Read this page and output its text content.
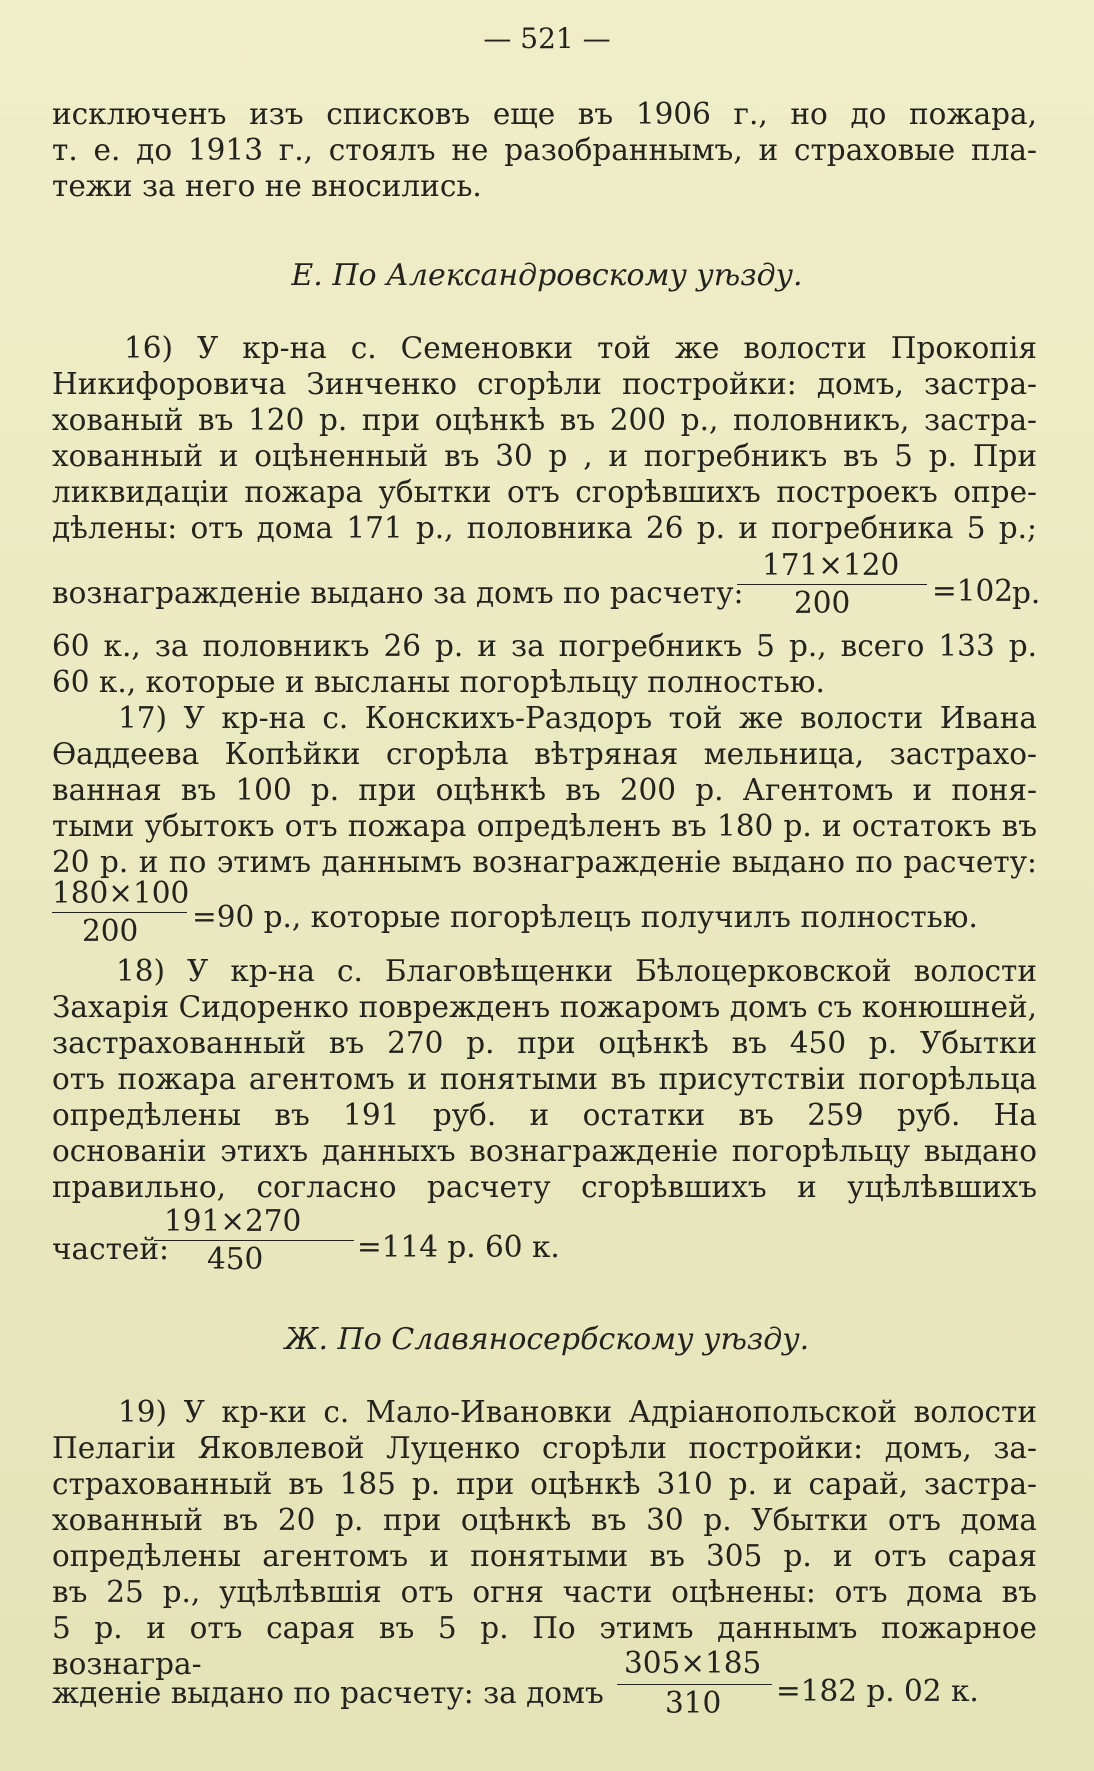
— 521 —
исключенъ изъ списковъ еще въ 1906 г., но до пожара,
т. е. до 1913 г., стоялъ не разобраннымъ, и страховые пла-
тежи за него не вносились.
Е. По Александровскому уѣзду.
16) У кр-на с. Семеновки той же волости Прокопія
Никифоровича Зинченко сгорѣли постройки: домъ, застра-
хованый въ 120 р. при оцѣнкѣ въ 200 р., половникъ, застра-
хованный и оцѣненный въ 30 р , и погребникъ въ 5 р. При
ликвидаціи пожара убытки отъ сгорѣвшихъ построекъ опре-
дѣлены: отъ дома 171 р., половника 26 р. и погребника 5 р.;
вознагражденіе выдано за домъ по расчету:
171×120
200	=102
р.
60 к., за половникъ 26 р. и за погребникъ 5 р., всего 133 р.
60 к., которые и высланы погорѣльцу полностью.
17) У кр-на с. Конскихъ-Раздоръ той же волости Ивана
Ѳаддеева Копѣйки сгорѣла вѣтряная мельница, застрахо-
ванная въ 100 р. при оцѣнкѣ въ 200 р. Агентомъ и поня-
тыми убытокъ отъ пожара опредѣленъ въ 180 р. и остатокъ въ
20 р. и по этимъ даннымъ вознагражденіе выдано по расчету:
180×100
200 =90 р., которые погорѣлецъ получилъ полностью.
18) У кр-на с. Благовѣщенки Бѣлоцерковской волости
Захарія Сидоренко поврежденъ пожаромъ домъ съ конюшней,
застрахованный въ 270 р. при оцѣнкѣ въ 450 р. Убытки
отъ пожара агентомъ и понятыми въ присутствіи погорѣльца
опредѣлены въ 191 руб. и остатки въ 259 руб. На
основаніи этихъ данныхъ вознагражденіе погорѣльцу выдано
правильно, согласно расчету сгорѣвшихъ и уцѣлѣвшихъ
частей:
191×270
450	=114 р. 60 к.
Ж. По Славяносербскому уѣзду.
19) У кр-ки с. Мало-Ивановки Адріанопольской волости
Пелагіи Яковлевой Луценко сгорѣли постройки: домъ, за-
страхованный въ 185 р. при оцѣнкѣ 310 р. и сарай, застра-
хованный въ 20 р. при оцѣнкѣ въ 30 р. Убытки отъ дома
опредѣлены агентомъ и понятыми въ 305 р. и отъ сарая
въ 25 р., уцѣлѣвшія отъ огня части оцѣнены: отъ дома въ
5 р. и отъ сарая въ 5 р. По этимъ даннымъ пожарное вознагра-
жденіе выдано по расчету: за домъ
305×185
310 =182 р. 02 к.
